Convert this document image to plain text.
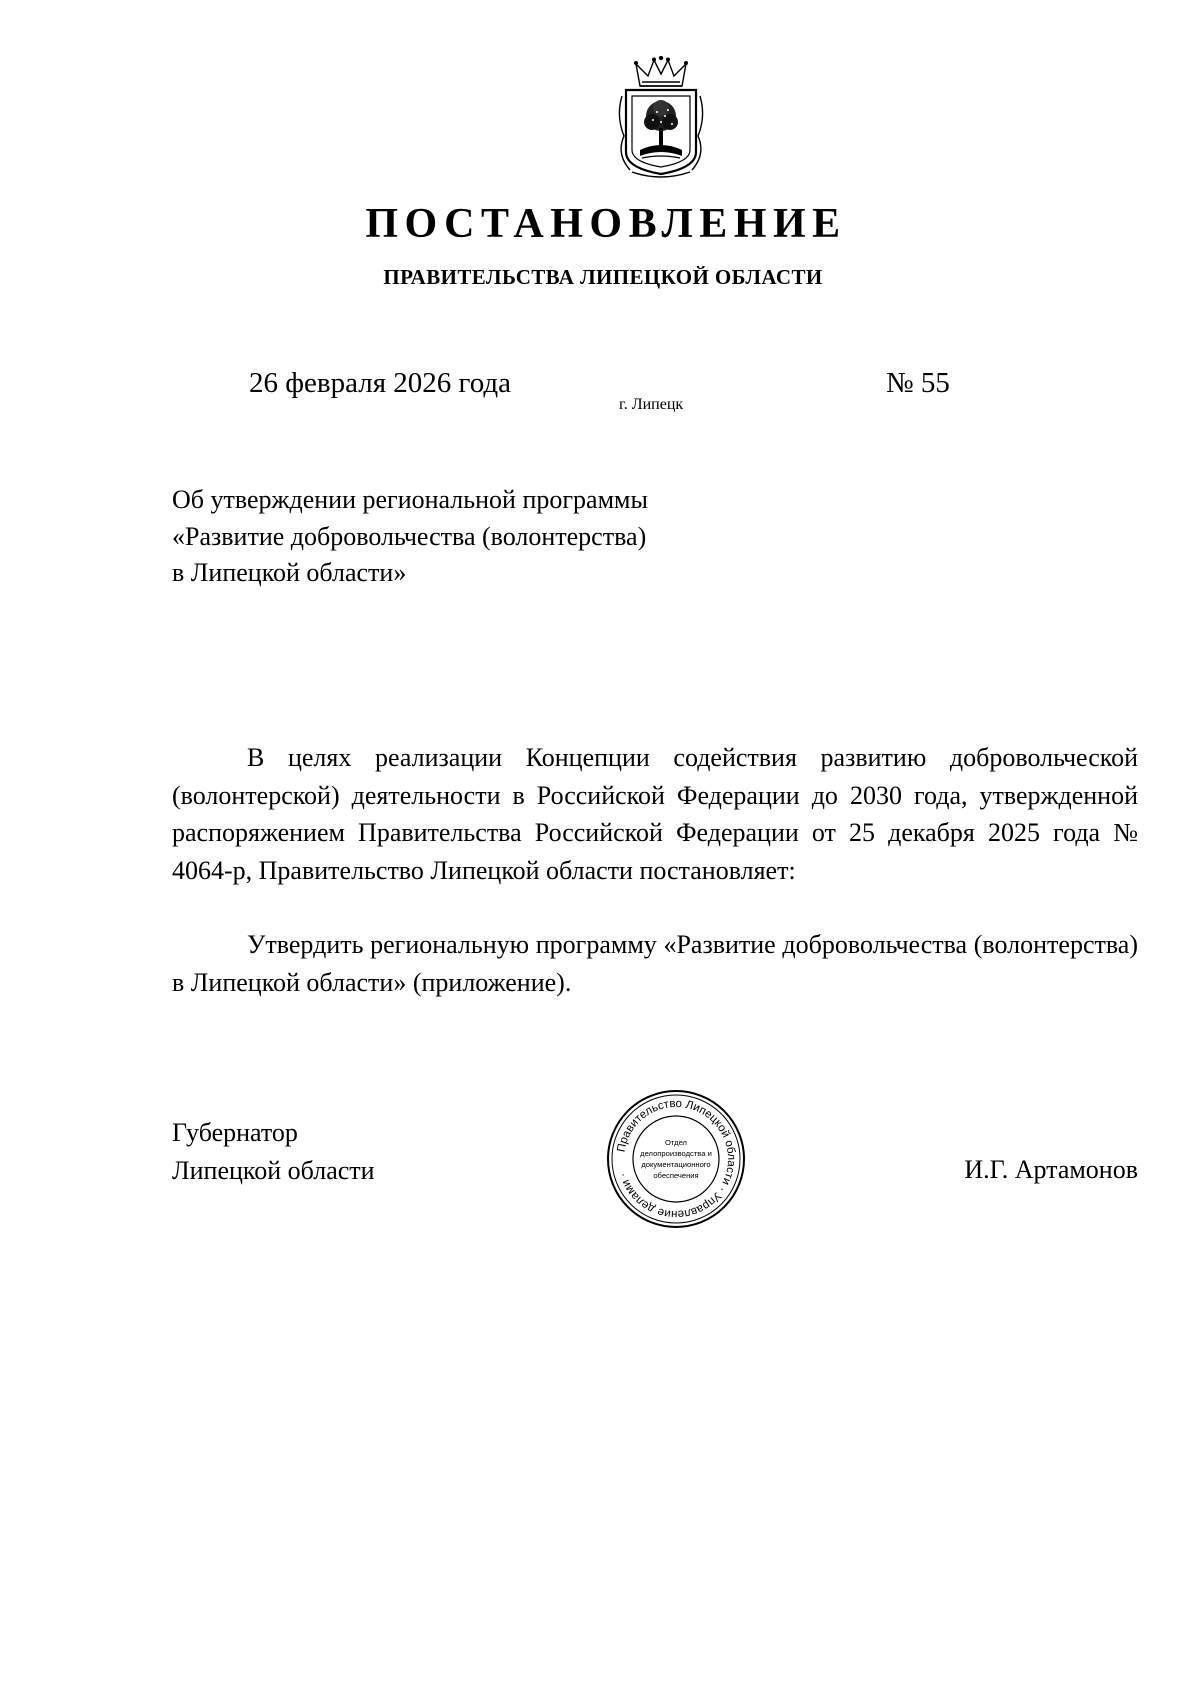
ПОСТАНОВЛЕНИЕ
ПРАВИТЕЛЬСТВА ЛИПЕЦКОЙ ОБЛАСТИ
26 февраля 2026 года
г. Липецк
№ 55
Об утверждении региональной программы
«Развитие добровольчества (волонтерства)
в Липецкой области»
В целях реализации Концепции содействия развитию добровольческой (волонтерской) деятельности в Российской Федерации до 2030 года, утвержденной распоряжением Правительства Российской Федерации от 25 декабря 2025 года № 4064-р, Правительство Липецкой области постановляет:
Утвердить региональную программу «Развитие добровольчества (волонтерства) в Липецкой области» (приложение).
Губернатор
Липецкой области
Правительство Липецкой области · Управление делами ·
Отдел
делопроизводства и
документационного
обеспечения	И.Г. Артамонов
